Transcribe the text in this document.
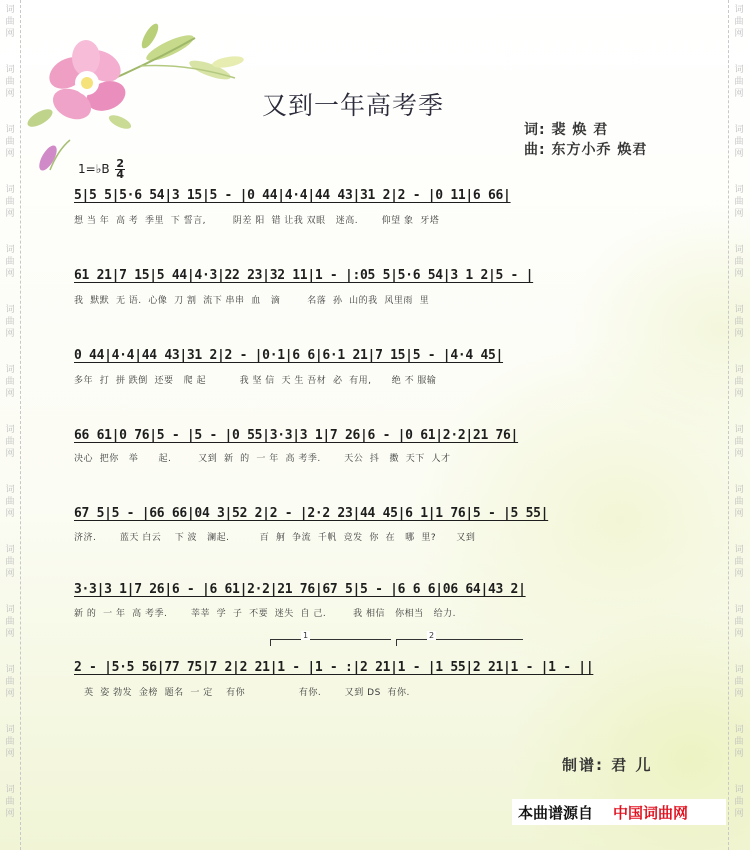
词
曲
网
词
曲
网
词
曲
网
词
曲
网
词
曲
网
词
曲
网
词
曲
网
词
曲
网
词
曲
网
词
曲
网
词
曲
网
词
曲
网
词
曲
网
词
曲
网
词
曲
网
词
曲
网
词
曲
网
词
曲
网
词
曲
网
词
曲
网
词
曲
网
词
曲
网
词
曲
网
词
曲
网
词
曲
网
词
曲
网
词
曲
网
词
曲
网
又到一年高考季
词: 裴 焕 君
曲: 东方小乔 焕君
1=♭B $\frac{2}{4}$
5|5 5|5·6 54|3 15|5 - |0 44|4·4|44 43|31 2|2 - |0 11|6 66|
想 当 年  高 考  季里  下 誓言,        阴差 阳  错 让我 双眼   迷高.       仰望 象  牙塔
61 21|7 15|5 44|4·3|22 23|32 11|1 - |:05 5|5·6 54|3 1 2|5 - |
我  默默  无 语.  心像  刀 割  流下 串串  血   滴        名落  孙  山的我  风里雨  里
0 44|4·4|44 43|31 2|2 - |0·1|6 6|6·1 21|7 15|5 - |4·4 45|
多年  打  拼 跌倒  还要   爬 起          我 坚 信  天 生 吾材  必  有用,      绝 不 服输
66 61|0 76|5 - |5 - |0 55|3·3|3 1|7 26|6 - |0 61|2·2|21 76|
决心  把你   举      起.        又到  新  的  一 年  高 考季.       天公  抖   擞  天下  人才
67 5|5 - |66 66|04 3|52 2|2 - |2·2 23|44 45|6 1|1 76|5 - |5 55|
济济.       蓝天 白云    下 波   澜起.         百  舸  争流  千帆  竞发  你  在   哪  里?      又到
3·3|3 1|7 26|6 - |6 61|2·2|21 76|67 5|5 - |6 6 6|06 64|43 2|
新 的  一 年  高 考季.       莘莘  学  子  不要  迷失  自 己.        我 相信   你相当   给力.
1	2
2 - |5·5 56|77 75|7 2|2 21|1 - |1 - :|2 21|1 - |1 55|2 21|1 - |1 - ||
英  姿 勃发  金榜  题名  一 定    有你                有你.       又到 DS  有你.
制谱: 君 儿
本曲谱源自 中国词曲网
